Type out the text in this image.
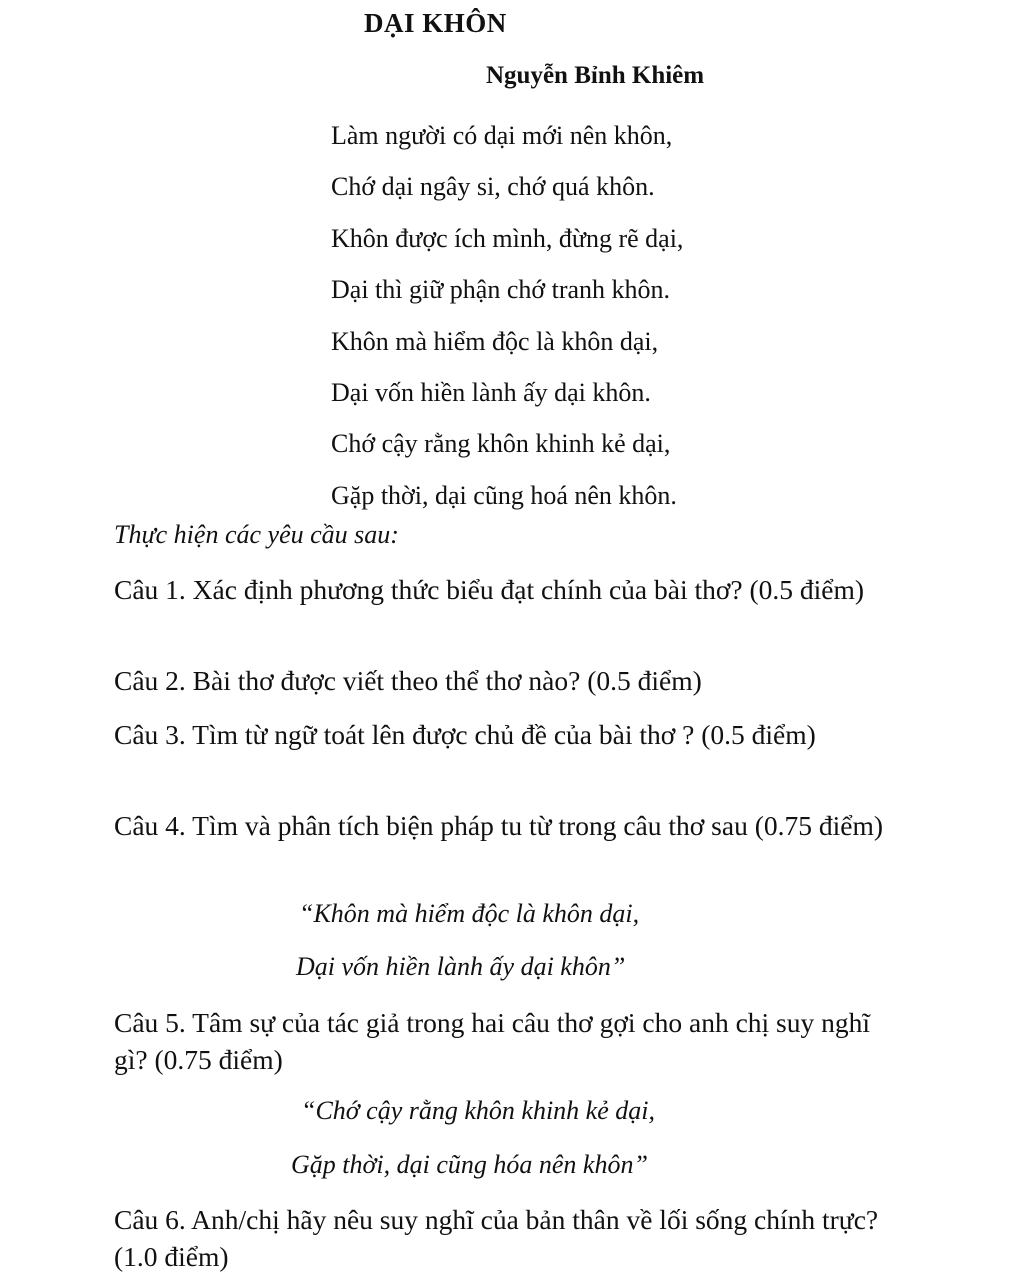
DẠI KHÔN

Nguyễn Bỉnh Khiêm

Làm người có dại mới nên khôn,
Chớ dại ngây si, chớ quá khôn.
Khôn được ích mình, đừng rẽ dại,
Dại thì giữ phận chớ tranh khôn.
Khôn mà hiểm độc là khôn dại,
Dại vốn hiền lành ấy dại khôn.
Chớ cậy rằng khôn khinh kẻ dại,
Gặp thời, dại cũng hoá nên khôn.

Thực hiện các yêu cầu sau:

Câu 1. Xác định phương thức biểu đạt chính của bài thơ? (0.5 điểm)

Câu 2. Bài thơ được viết theo thể thơ nào? (0.5 điểm)

Câu 3. Tìm từ ngữ toát lên được chủ đề của bài thơ ? (0.5 điểm)

Câu 4. Tìm và phân tích biện pháp tu từ trong câu thơ sau (0.75 điểm)

“Khôn mà hiểm độc là khôn dại,

Dại vốn hiền lành ấy dại khôn”

Câu 5. Tâm sự của tác giả trong hai câu thơ gợi cho anh chị suy nghĩ gì? (0.75 điểm)

“Chớ cậy rằng khôn khinh kẻ dại,

Gặp thời, dại cũng hóa nên khôn”

Câu 6. Anh/chị hãy nêu suy nghĩ của bản thân về lối sống chính trực? (1.0 điểm)
